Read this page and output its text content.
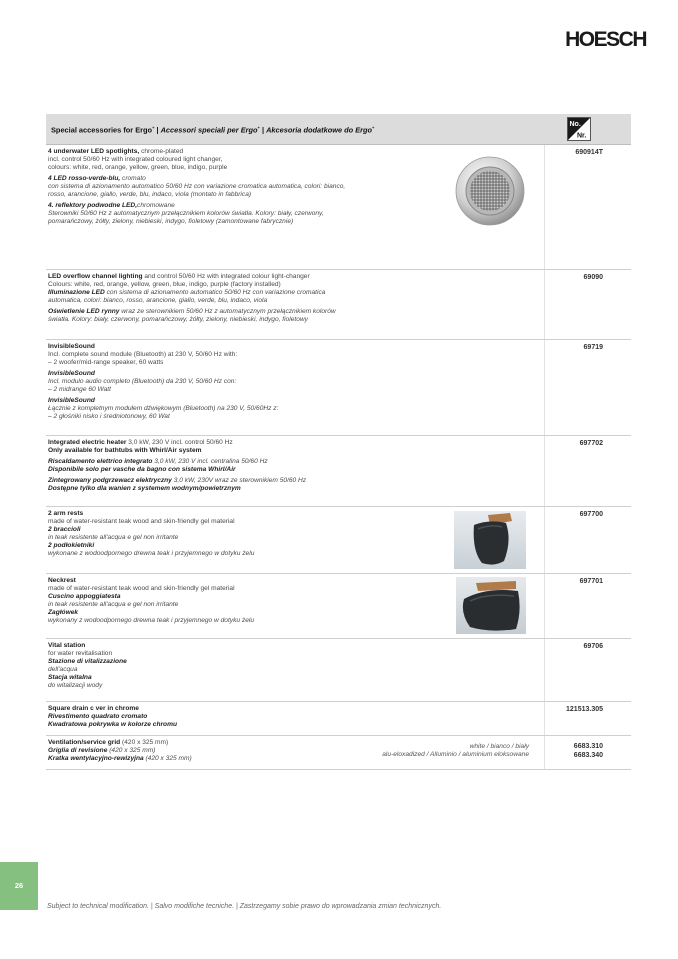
HOESCH
Special accessories for Ergo+ | Accessori speciali per Ergo+ | Akcesoria dodatkowe do Ergo+	No.
Nr.
4 underwater LED spotlights, chrome-plated
incl. control 50/60 Hz with integrated coloured light changer,
colours: white, red, orange, yellow, green, blue, indigo, purple
4 LED rosso-verde-blu, cromato
con sistema di azionamento automatico 50/60 Hz con variazione cromatica automatica, colori: bianco,
rosso, arancione, giallo, verde, blu, indaco, viola (montato in fabbrica)
4. reflektory podwodne LED,chromowane
Sterowniki 50/60 Hz z automatycznym przełącznikiem kolorów światła. Kolory: biały, czerwony,
pomarańczowy, żółty, zielony, niebieski, indygo, fioletowy (zamontowane fabrycznie)
690914T
LED overflow channel lighting and control 50/60 Hz with integrated colour light-changer
Colours: white, red, orange, yellow, green, blue, indigo, purple (factory installed)
Illuminazione LED con sistema di azionamento automatico 50/60 Hz con variazione cromatica
automatica, colori: bianco, rosso, arancione, giallo, verde, blu, indaco, viola
Oświetlenie LED rynny wraz ze sterownikiem 50/60 Hz z automatycznym przełącznikiem kolorów
światła. Kolory: biały, czerwony, pomarańczowy, żółty, zielony, niebieski, indygo, fioletowy
69090
InvisibleSound
Incl. complete sound module (Bluetooth) at 230 V, 50/60 Hz with:
– 2 woofer/mid-range speaker, 60 watts
InvisibleSound
Incl. modulo audio completo (Bluetooth) da 230 V, 50/60 Hz con:
– 2 midrange 60 Watt
InvisibleSound
Łącznie z kompletnym modułem dźwiękowym (Bluetooth) na 230 V, 50/60Hz z:
– 2 głośniki nisko i średniotonowy, 60 Wat
69719
Integrated electric heater 3,0 kW, 230 V incl. control 50/60 Hz
Only available for bathtubs with Whirl/Air system
Riscaldamento elettrico integrato 3,0 kW, 230 V incl. centralina 50/60 Hz
Disponibile solo per vasche da bagno con sistema Whirl/Air
Zintegrowany podgrzewacz elektryczny 3,0 kW, 230V wraz ze sterownikiem 50/60 Hz
Dostępne tylko dla wanien z systemem wodnym/powietrznym
697702
2 arm rests
made of water-resistant teak wood and skin-friendly gel material
2 braccioli
in teak resistente all'acqua e gel non irritante
2 podłokietniki
wykonane z wodoodpornego drewna teak i przyjemnego w dotyku żelu
697700
Neckrest
made of water-resistant teak wood and skin-friendly gel material
Cuscino appoggiatesta
in teak resistente all'acqua e gel non irritante
Zagłówek
wykonany z wodoodpornego drewna teak i przyjemnego w dotyku żelu
697701
Vital station
for water revitalisation
Stazione di vitalizzazione
dell'acqua
Stacja witalna
do witalizacji wody
69706
Square drain c ver in chrome
Rivestimento quadrato cromato
Kwadratowa pokrywka w kolorze chromu
121513.305
Ventilation/service grid (420 x 325 mm)
Griglia di revisione (420 x 325 mm)
Kratka wentylacyjno-rewizyjna (420 x 325 mm)
white / bianco / biały
alu-eloxadized / Alluminio / aluminium eloksowane
6683.310
6683.340
26
Subject to technical modification. | Salvo modifiche tecniche. | Zastrzegamy sobie prawo do wprowadzania zmian technicznych.
